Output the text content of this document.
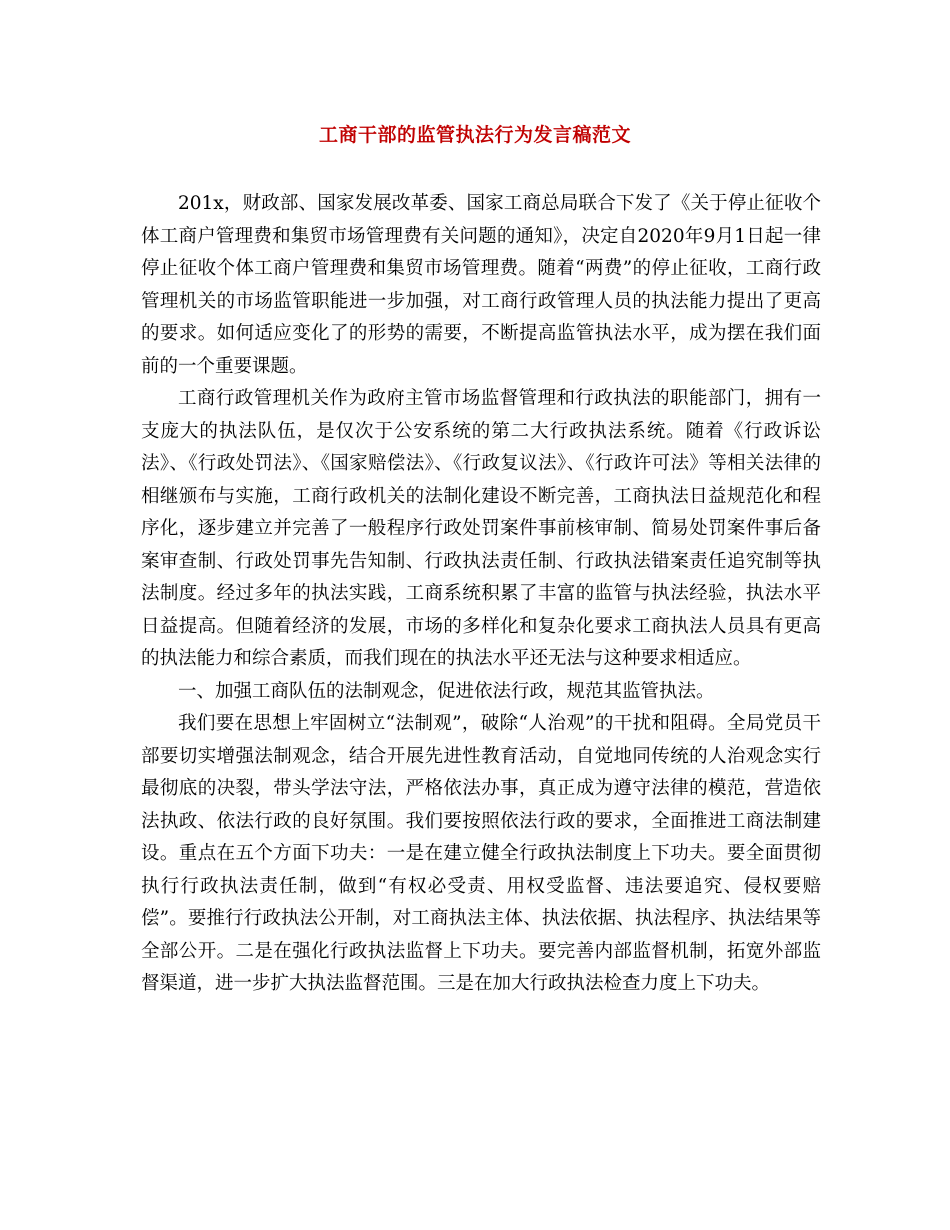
工商干部的监管执法行为发言稿范文

201x，财政部、国家发展改革委、国家工商总局联合下发了《关于停止征收个体工商户管理费和集贸市场管理费有关问题的通知》，决定自2020年9月1日起一律停止征收个体工商户管理费和集贸市场管理费。随着“两费”的停止征收，工商行政管理机关的市场监管职能进一步加强，对工商行政管理人员的执法能力提出了更高的要求。如何适应变化了的形势的需要，不断提高监管执法水平，成为摆在我们面前的一个重要课题。

工商行政管理机关作为政府主管市场监督管理和行政执法的职能部门，拥有一支庞大的执法队伍，是仅次于公安系统的第二大行政执法系统。随着《行政诉讼法》、《行政处罚法》、《国家赔偿法》、《行政复议法》、《行政许可法》等相关法律的相继颁布与实施，工商行政机关的法制化建设不断完善，工商执法日益规范化和程序化，逐步建立并完善了一般程序行政处罚案件事前核审制、简易处罚案件事后备案审查制、行政处罚事先告知制、行政执法责任制、行政执法错案责任追究制等执法制度。经过多年的执法实践，工商系统积累了丰富的监管与执法经验，执法水平日益提高。但随着经济的发展，市场的多样化和复杂化要求工商执法人员具有更高的执法能力和综合素质，而我们现在的执法水平还无法与这种要求相适应。

一、加强工商队伍的法制观念，促进依法行政，规范其监管执法。

我们要在思想上牢固树立“法制观”，破除“人治观”的干扰和阻碍。全局党员干部要切实增强法制观念，结合开展先进性教育活动，自觉地同传统的人治观念实行最彻底的决裂，带头学法守法，严格依法办事，真正成为遵守法律的模范，营造依法执政、依法行政的良好氛围。我们要按照依法行政的要求，全面推进工商法制建设。重点在五个方面下功夫：一是在建立健全行政执法制度上下功夫。要全面贯彻执行行政执法责任制，做到“有权必受责、用权受监督、违法要追究、侵权要赔偿”。要推行行政执法公开制，对工商执法主体、执法依据、执法程序、执法结果等全部公开。二是在强化行政执法监督上下功夫。要完善内部监督机制，拓宽外部监督渠道，进一步扩大执法监督范围。三是在加大行政执法检查力度上下功夫。
